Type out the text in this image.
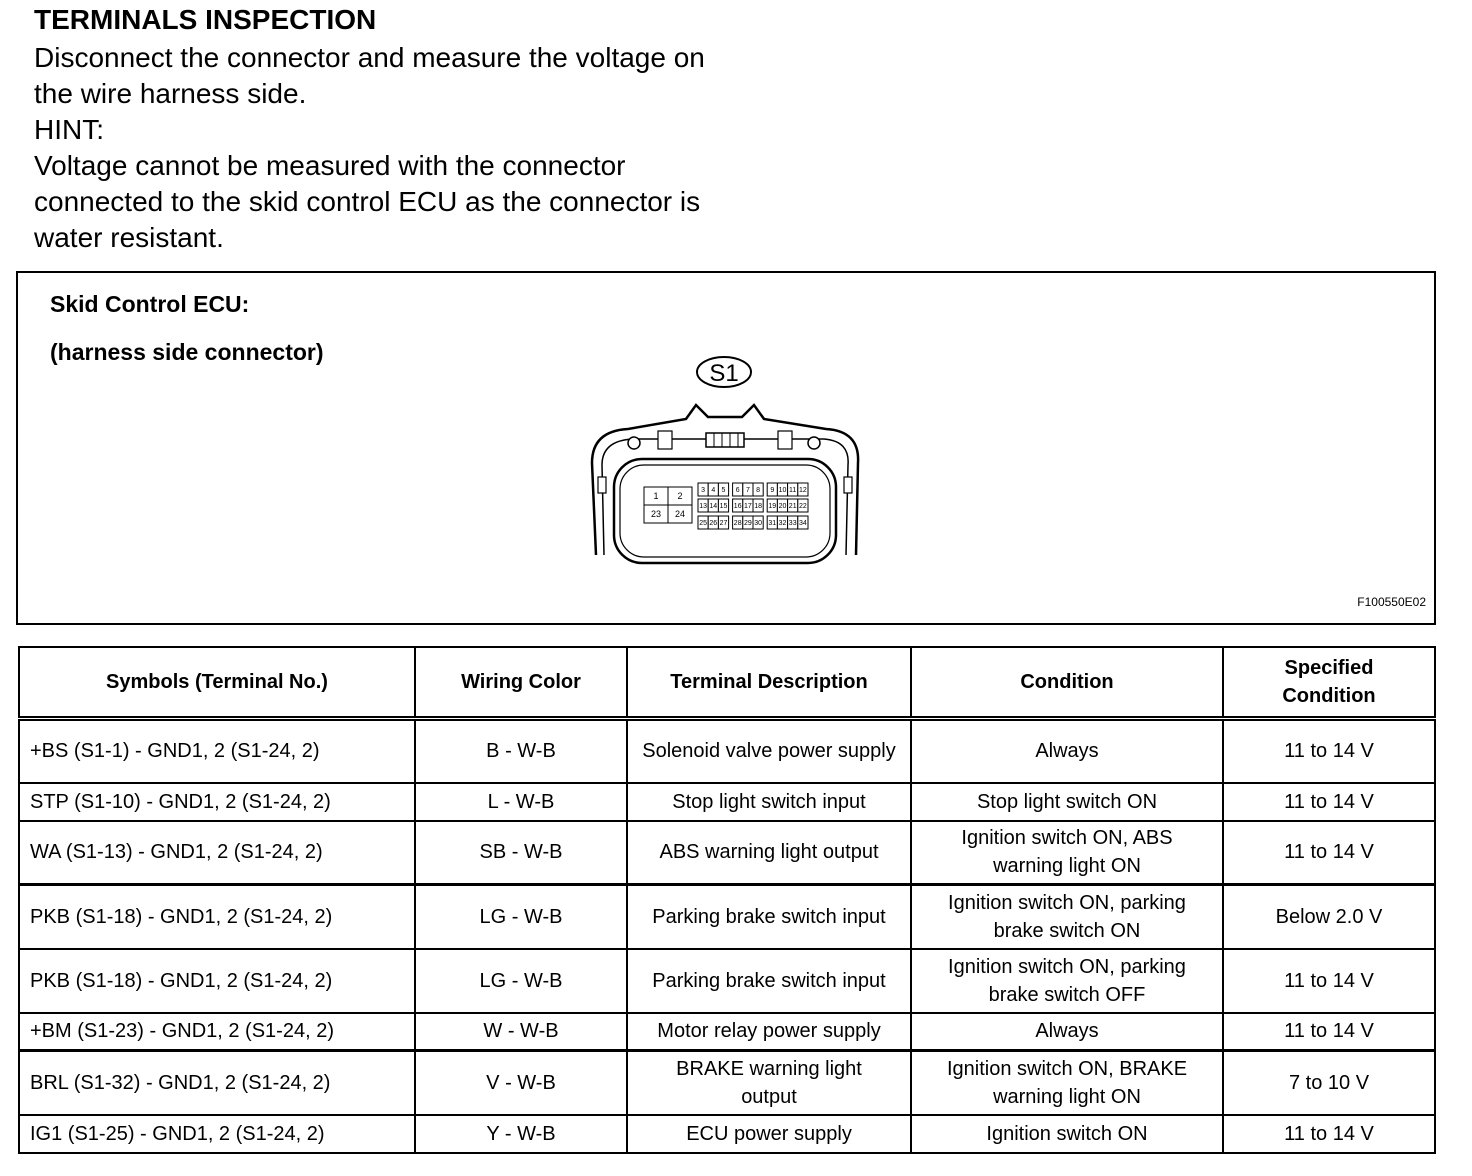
TERMINALS INSPECTION
Disconnect the connector and measure the voltage on
the wire harness side.
HINT:
Voltage cannot be measured with the connector
connected to the skid control ECU as the connector is
water resistant.
Skid Control ECU:
(harness side connector)
S1
1 2
23 24
3 4 5 6 7 8 9 10 11 12
13 14 15 16 17 18 19 20 21 22
25 26 27 28 29 30 31 32 33 34
F100550E02
Symbols (Terminal No.)	Wiring Color	Terminal Description	Condition	Specified Condition
+BS (S1-1) - GND1, 2 (S1-24, 2)	B - W-B	Solenoid valve power supply	Always	11 to 14 V
STP (S1-10) - GND1, 2 (S1-24, 2)	L - W-B	Stop light switch input	Stop light switch ON	11 to 14 V
WA (S1-13) - GND1, 2 (S1-24, 2)	SB - W-B	ABS warning light output	Ignition switch ON, ABS warning light ON	11 to 14 V
PKB (S1-18) - GND1, 2 (S1-24, 2)	LG - W-B	Parking brake switch input	Ignition switch ON, parking brake switch ON	Below 2.0 V
PKB (S1-18) - GND1, 2 (S1-24, 2)	LG - W-B	Parking brake switch input	Ignition switch ON, parking brake switch OFF	11 to 14 V
+BM (S1-23) - GND1, 2 (S1-24, 2)	W - W-B	Motor relay power supply	Always	11 to 14 V
BRL (S1-32) - GND1, 2 (S1-24, 2)	V - W-B	BRAKE warning light output	Ignition switch ON, BRAKE warning light ON	7 to 10 V
IG1 (S1-25) - GND1, 2 (S1-24, 2)	Y - W-B	ECU power supply	Ignition switch ON	11 to 14 V
